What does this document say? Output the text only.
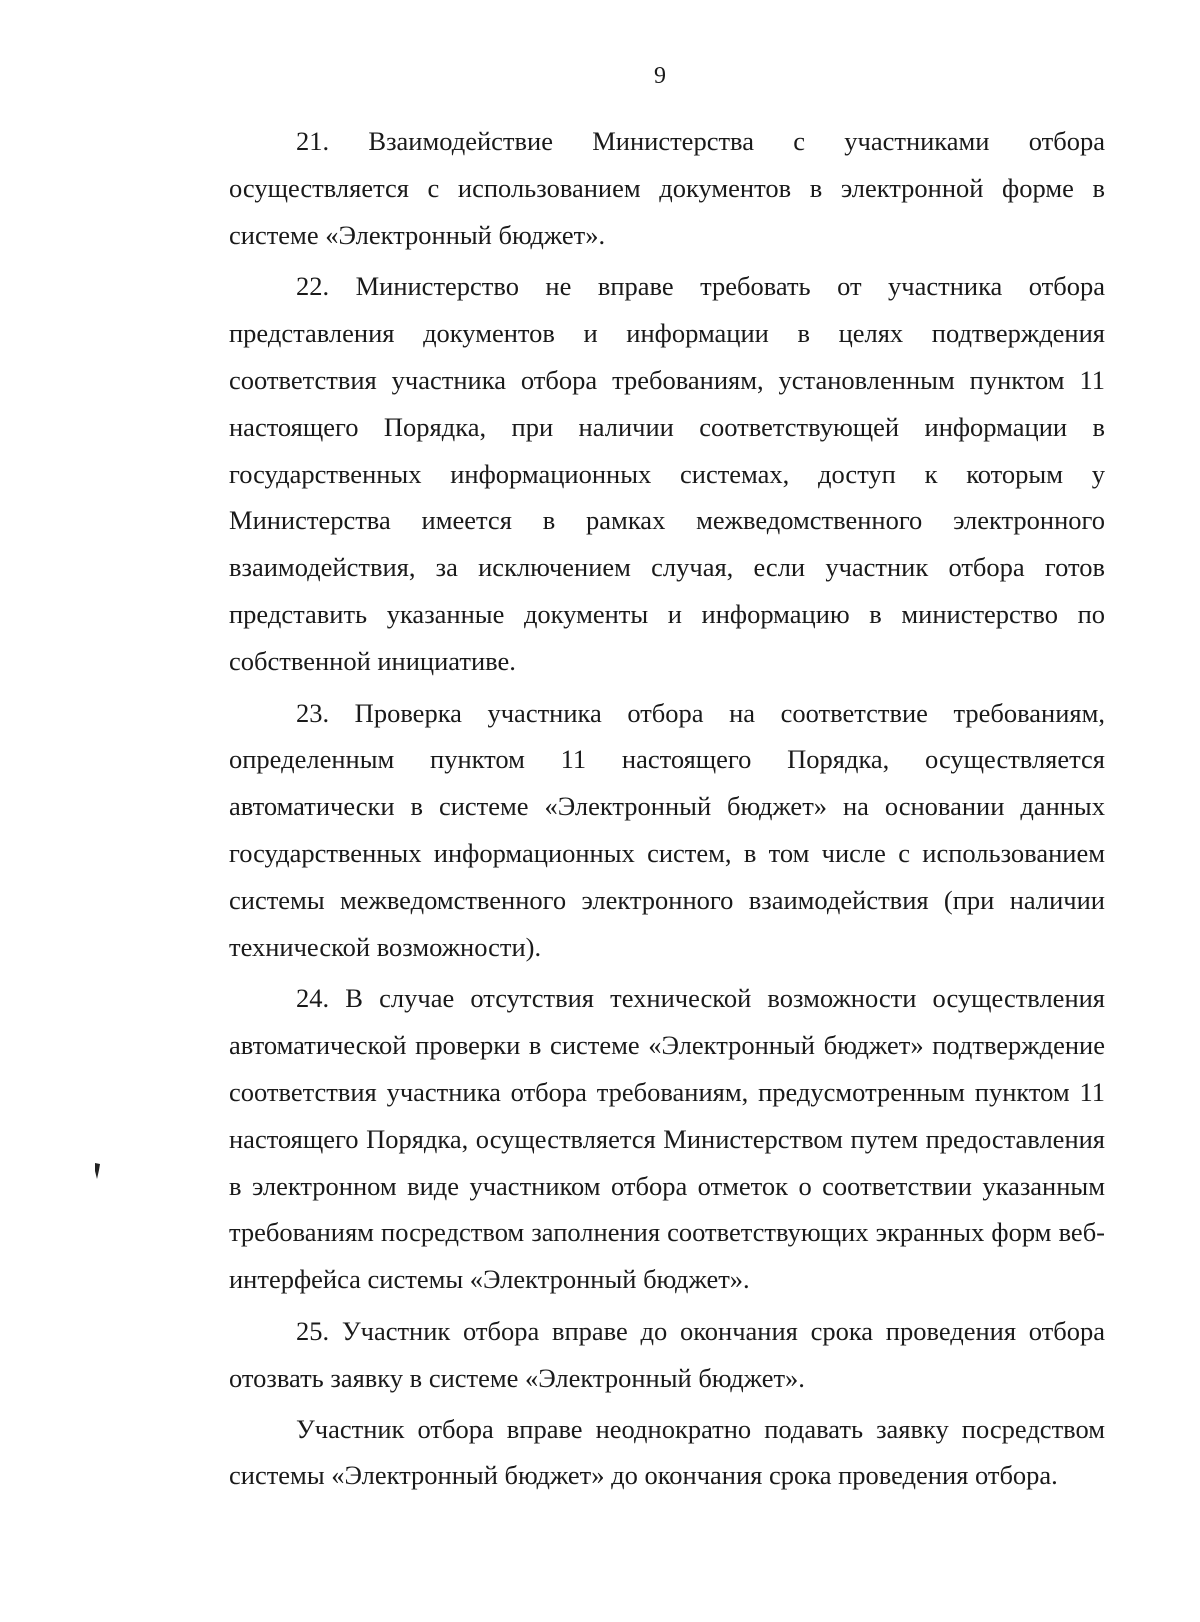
9

21. Взаимодействие Министерства с участниками отбора осуществляется с использованием документов в электронной форме в системе «Электронный бюджет».

22. Министерство не вправе требовать от участника отбора представления документов и информации в целях подтверждения соответствия участника отбора требованиям, установленным пунктом 11 настоящего Порядка, при наличии соответствующей информации в государственных информационных системах, доступ к которым у Министерства имеется в рамках межведомственного электронного взаимодействия, за исключением случая, если участник отбора готов представить указанные документы и информацию в министерство по собственной инициативе.

23. Проверка участника отбора на соответствие требованиям, определенным пунктом 11 настоящего Порядка, осуществляется автоматически в системе «Электронный бюджет» на основании данных государственных информационных систем, в том числе с использованием системы межведомственного электронного взаимодействия (при наличии технической возможности).

24. В случае отсутствия технической возможности осуществления автоматической проверки в системе «Электронный бюджет» подтверждение соответствия участника отбора требованиям, предусмотренным пунктом 11 настоящего Порядка, осуществляется Министерством путем предоставления в электронном виде участником отбора отметок о соответствии указанным требованиям посредством заполнения соответствующих экранных форм веб-интерфейса системы «Электронный бюджет».

25. Участник отбора вправе до окончания срока проведения отбора отозвать заявку в системе «Электронный бюджет».

Участник отбора вправе неоднократно подавать заявку посредством системы «Электронный бюджет» до окончания срока проведения отбора.
